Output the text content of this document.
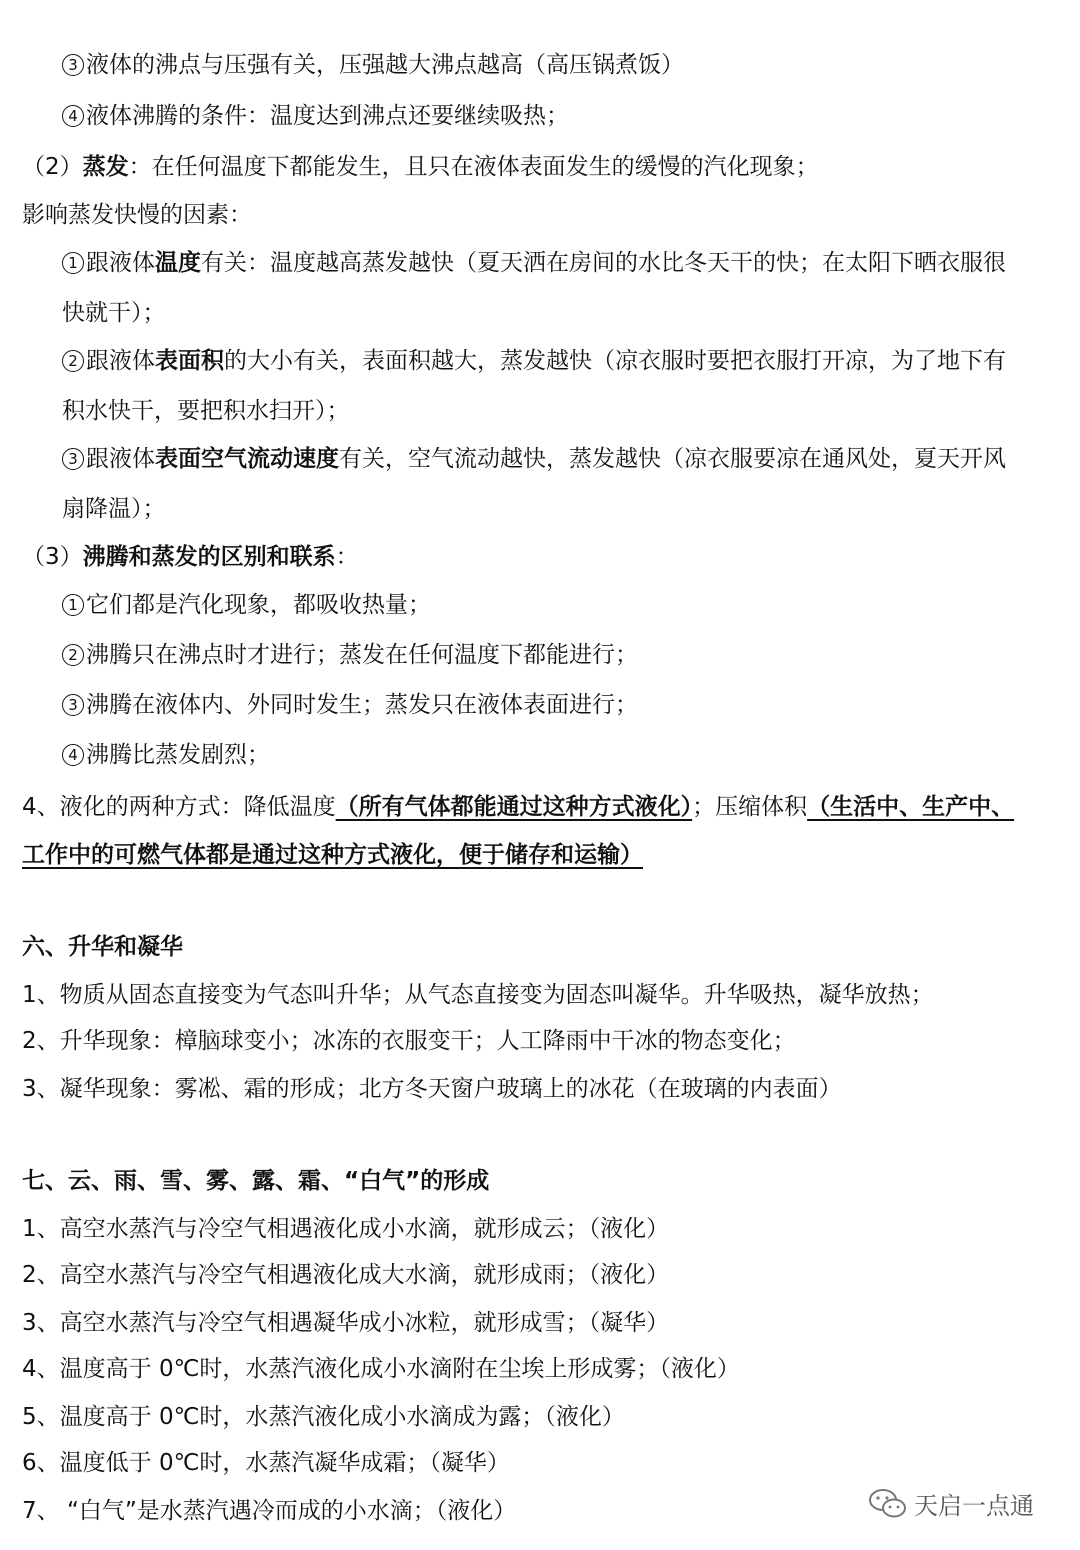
3 液体的沸点与压强有关，压强越大沸点越高（高压锅煮饭）
4 液体沸腾的条件：温度达到沸点还要继续吸热；
（2）蒸发：在任何温度下都能发生，且只在液体表面发生的缓慢的汽化现象；
影响蒸发快慢的因素：
1 跟液体温度有关：温度越高蒸发越快（夏天洒在房间的水比冬天干的快；在太阳下晒衣服很
快就干）；
2 跟液体表面积的大小有关，表面积越大，蒸发越快（凉衣服时要把衣服打开凉，为了地下有
积水快干，要把积水扫开）；
3 跟液体表面空气流动速度有关，空气流动越快，蒸发越快（凉衣服要凉在通风处，夏天开风
扇降温）；
（3）沸腾和蒸发的区别和联系：
1 它们都是汽化现象，都吸收热量；
2 沸腾只在沸点时才进行；蒸发在任何温度下都能进行；
3 沸腾在液体内、外同时发生；蒸发只在液体表面进行；
4 沸腾比蒸发剧烈；
4、液化的两种方式：降低温度（所有气体都能通过这种方式液化）；压缩体积（生活中、生产中、
工作中的可燃气体都是通过这种方式液化，便于储存和运输）
六、升华和凝华
1、物质从固态直接变为气态叫升华；从气态直接变为固态叫凝华。升华吸热，凝华放热；
2、升华现象：樟脑球变小；冰冻的衣服变干；人工降雨中干冰的物态变化；
3、凝华现象：雾凇、霜的形成；北方冬天窗户玻璃上的冰花（在玻璃的内表面）
七、云、雨、雪、雾、露、霜、“白气”的形成
1、高空水蒸汽与冷空气相遇液化成小水滴，就形成云；（液化）
2、高空水蒸汽与冷空气相遇液化成大水滴，就形成雨；（液化）
3、高空水蒸汽与冷空气相遇凝华成小冰粒，就形成雪；（凝华）
4、温度高于 0℃时，水蒸汽液化成小水滴附在尘埃上形成雾；（液化）
5、温度高于 0℃时，水蒸汽液化成小水滴成为露；（液化）
6、温度低于 0℃时，水蒸汽凝华成霜；（凝华）
7、 “白气”是水蒸汽遇冷而成的小水滴；（液化）	天启一点通
